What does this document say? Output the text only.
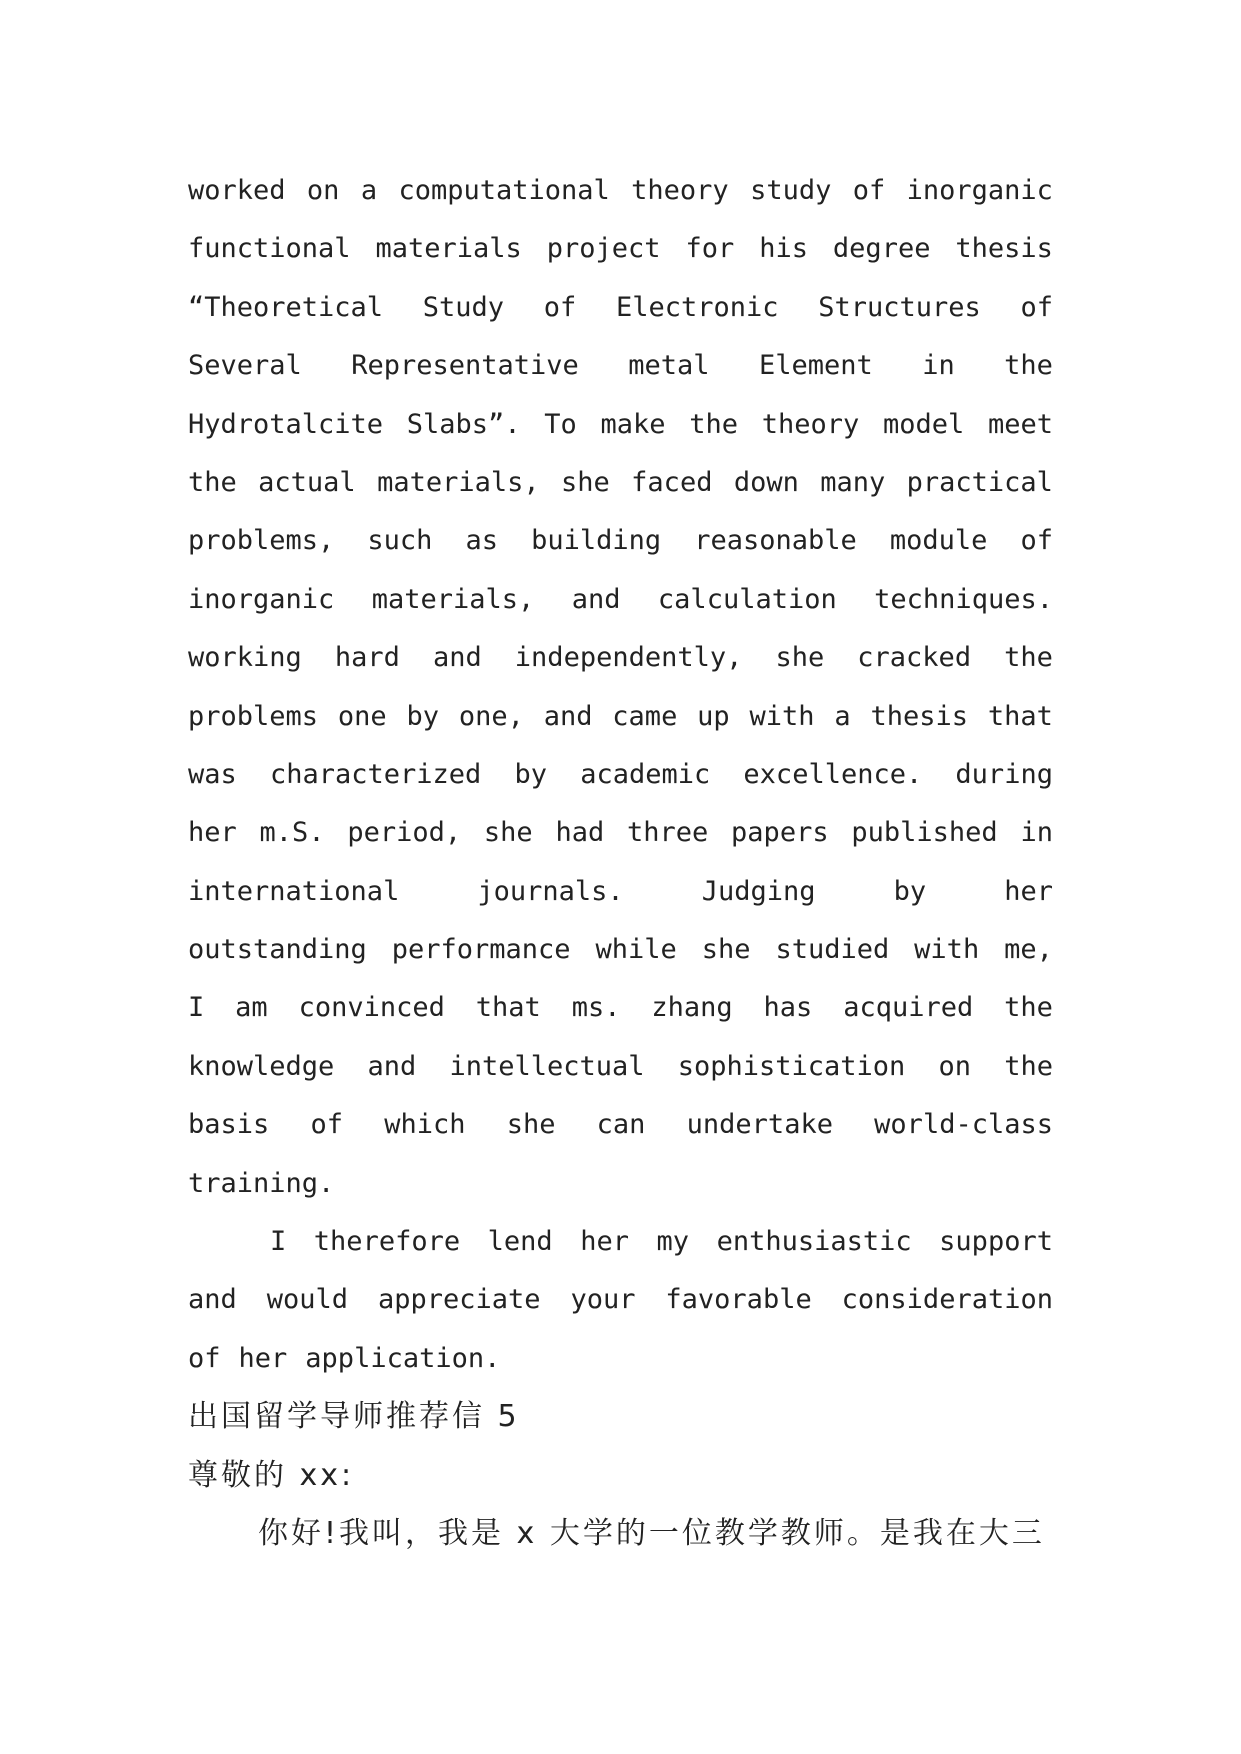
worked on a computational theory study of inorganic
functional materials project for his degree thesis
“Theoretical Study of Electronic Structures of
Several Representative metal Element in the
Hydrotalcite Slabs”. To make the theory model meet
the actual materials, she faced down many practical
problems, such as building reasonable module of
inorganic materials, and calculation techniques.
working hard and independently, she cracked the
problems one by one, and came up with a thesis that
was characterized by academic excellence. during
her m.S. period, she had three papers published in
international	journals.	Judging	by	her
outstanding performance while she studied with me,
I am convinced that ms. zhang has acquired the
knowledge and intellectual sophistication on the
basis of which she can undertake world-class
training.
I therefore lend her my enthusiastic support
and would appreciate your favorable consideration
of her application.
出国留学导师推荐信 5
尊敬的 xx:
你好!我叫，我是 x 大学的一位教学教师。是我在大三
